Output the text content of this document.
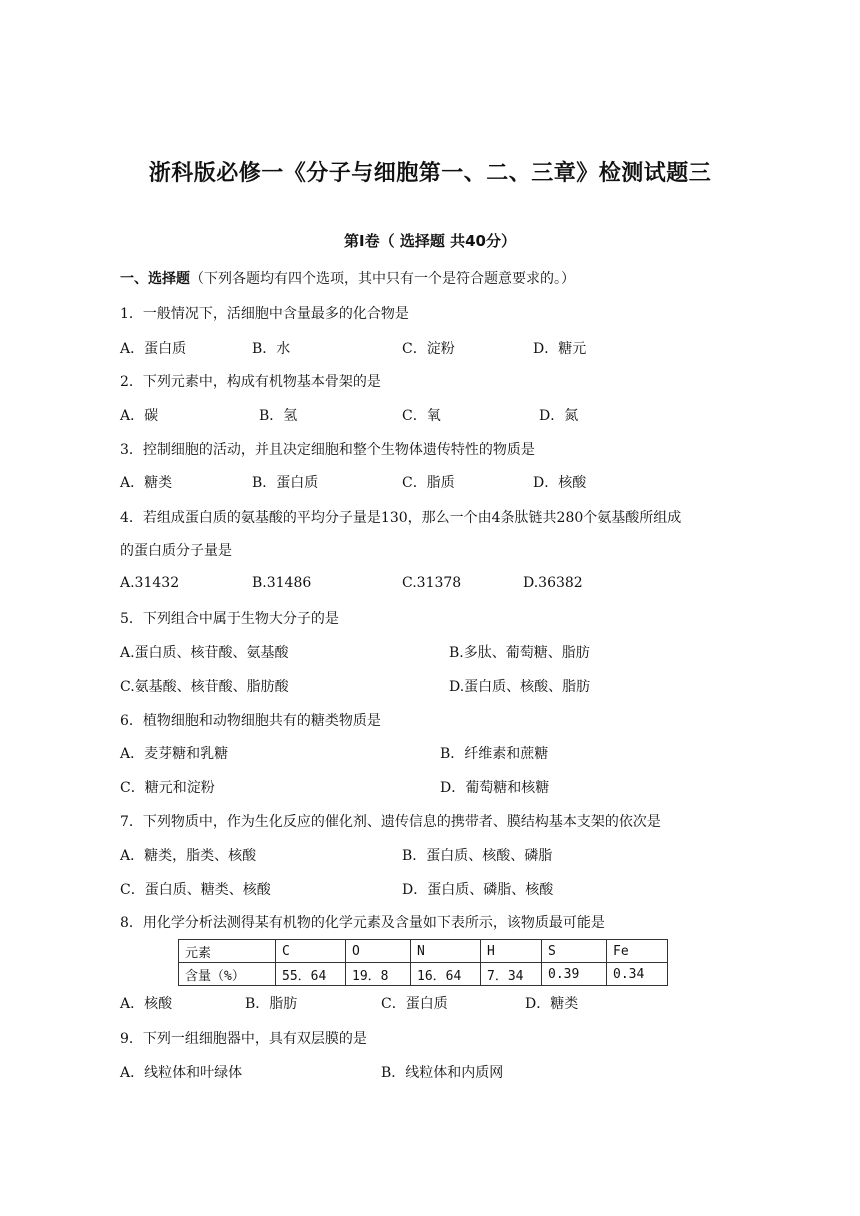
浙科版必修一《分子与细胞第一、二、三章》检测试题三
第Ⅰ卷（ 选择题 共40分）
一、选择题（下列各题均有四个选项，其中只有一个是符合题意要求的。）
1．一般情况下，活细胞中含量最多的化合物是
A．蛋白质	B．水	C．淀粉	D．糖元
2．下列元素中，构成有机物基本骨架的是
A．碳	B．氢	C．氧	D．氮
3．控制细胞的活动，并且决定细胞和整个生物体遗传特性的物质是
A．糖类	B．蛋白质	C．脂质	D．核酸
4．若组成蛋白质的氨基酸的平均分子量是130，那么一个由4条肽链共280个氨基酸所组成
的蛋白质分子量是
A.31432	B.31486	C.31378	D.36382
5．下列组合中属于生物大分子的是
A.蛋白质、核苷酸、氨基酸	B.多肽、葡萄糖、脂肪
C.氨基酸、核苷酸、脂肪酸	D.蛋白质、核酸、脂肪
6．植物细胞和动物细胞共有的糖类物质是
A．麦芽糖和乳糖	B．纤维素和蔗糖
C．糖元和淀粉	D．葡萄糖和核糖
7．下列物质中，作为生化反应的催化剂、遗传信息的携带者、膜结构基本支架的依次是
A．糖类，脂类、核酸	B．蛋白质、核酸、磷脂
C．蛋白质、糖类、核酸	D．蛋白质、磷脂、核酸
8．用化学分析法测得某有机物的化学元素及含量如下表所示，该物质最可能是
元素	C	O	N	H	S	Fe
含量（%）	55．64	19．8	16．64	7．34	0.39	0.34
A．核酸	B．脂肪	C．蛋白质	D．糖类
9．下列一组细胞器中，具有双层膜的是
A．线粒体和叶绿体	B．线粒体和内质网
